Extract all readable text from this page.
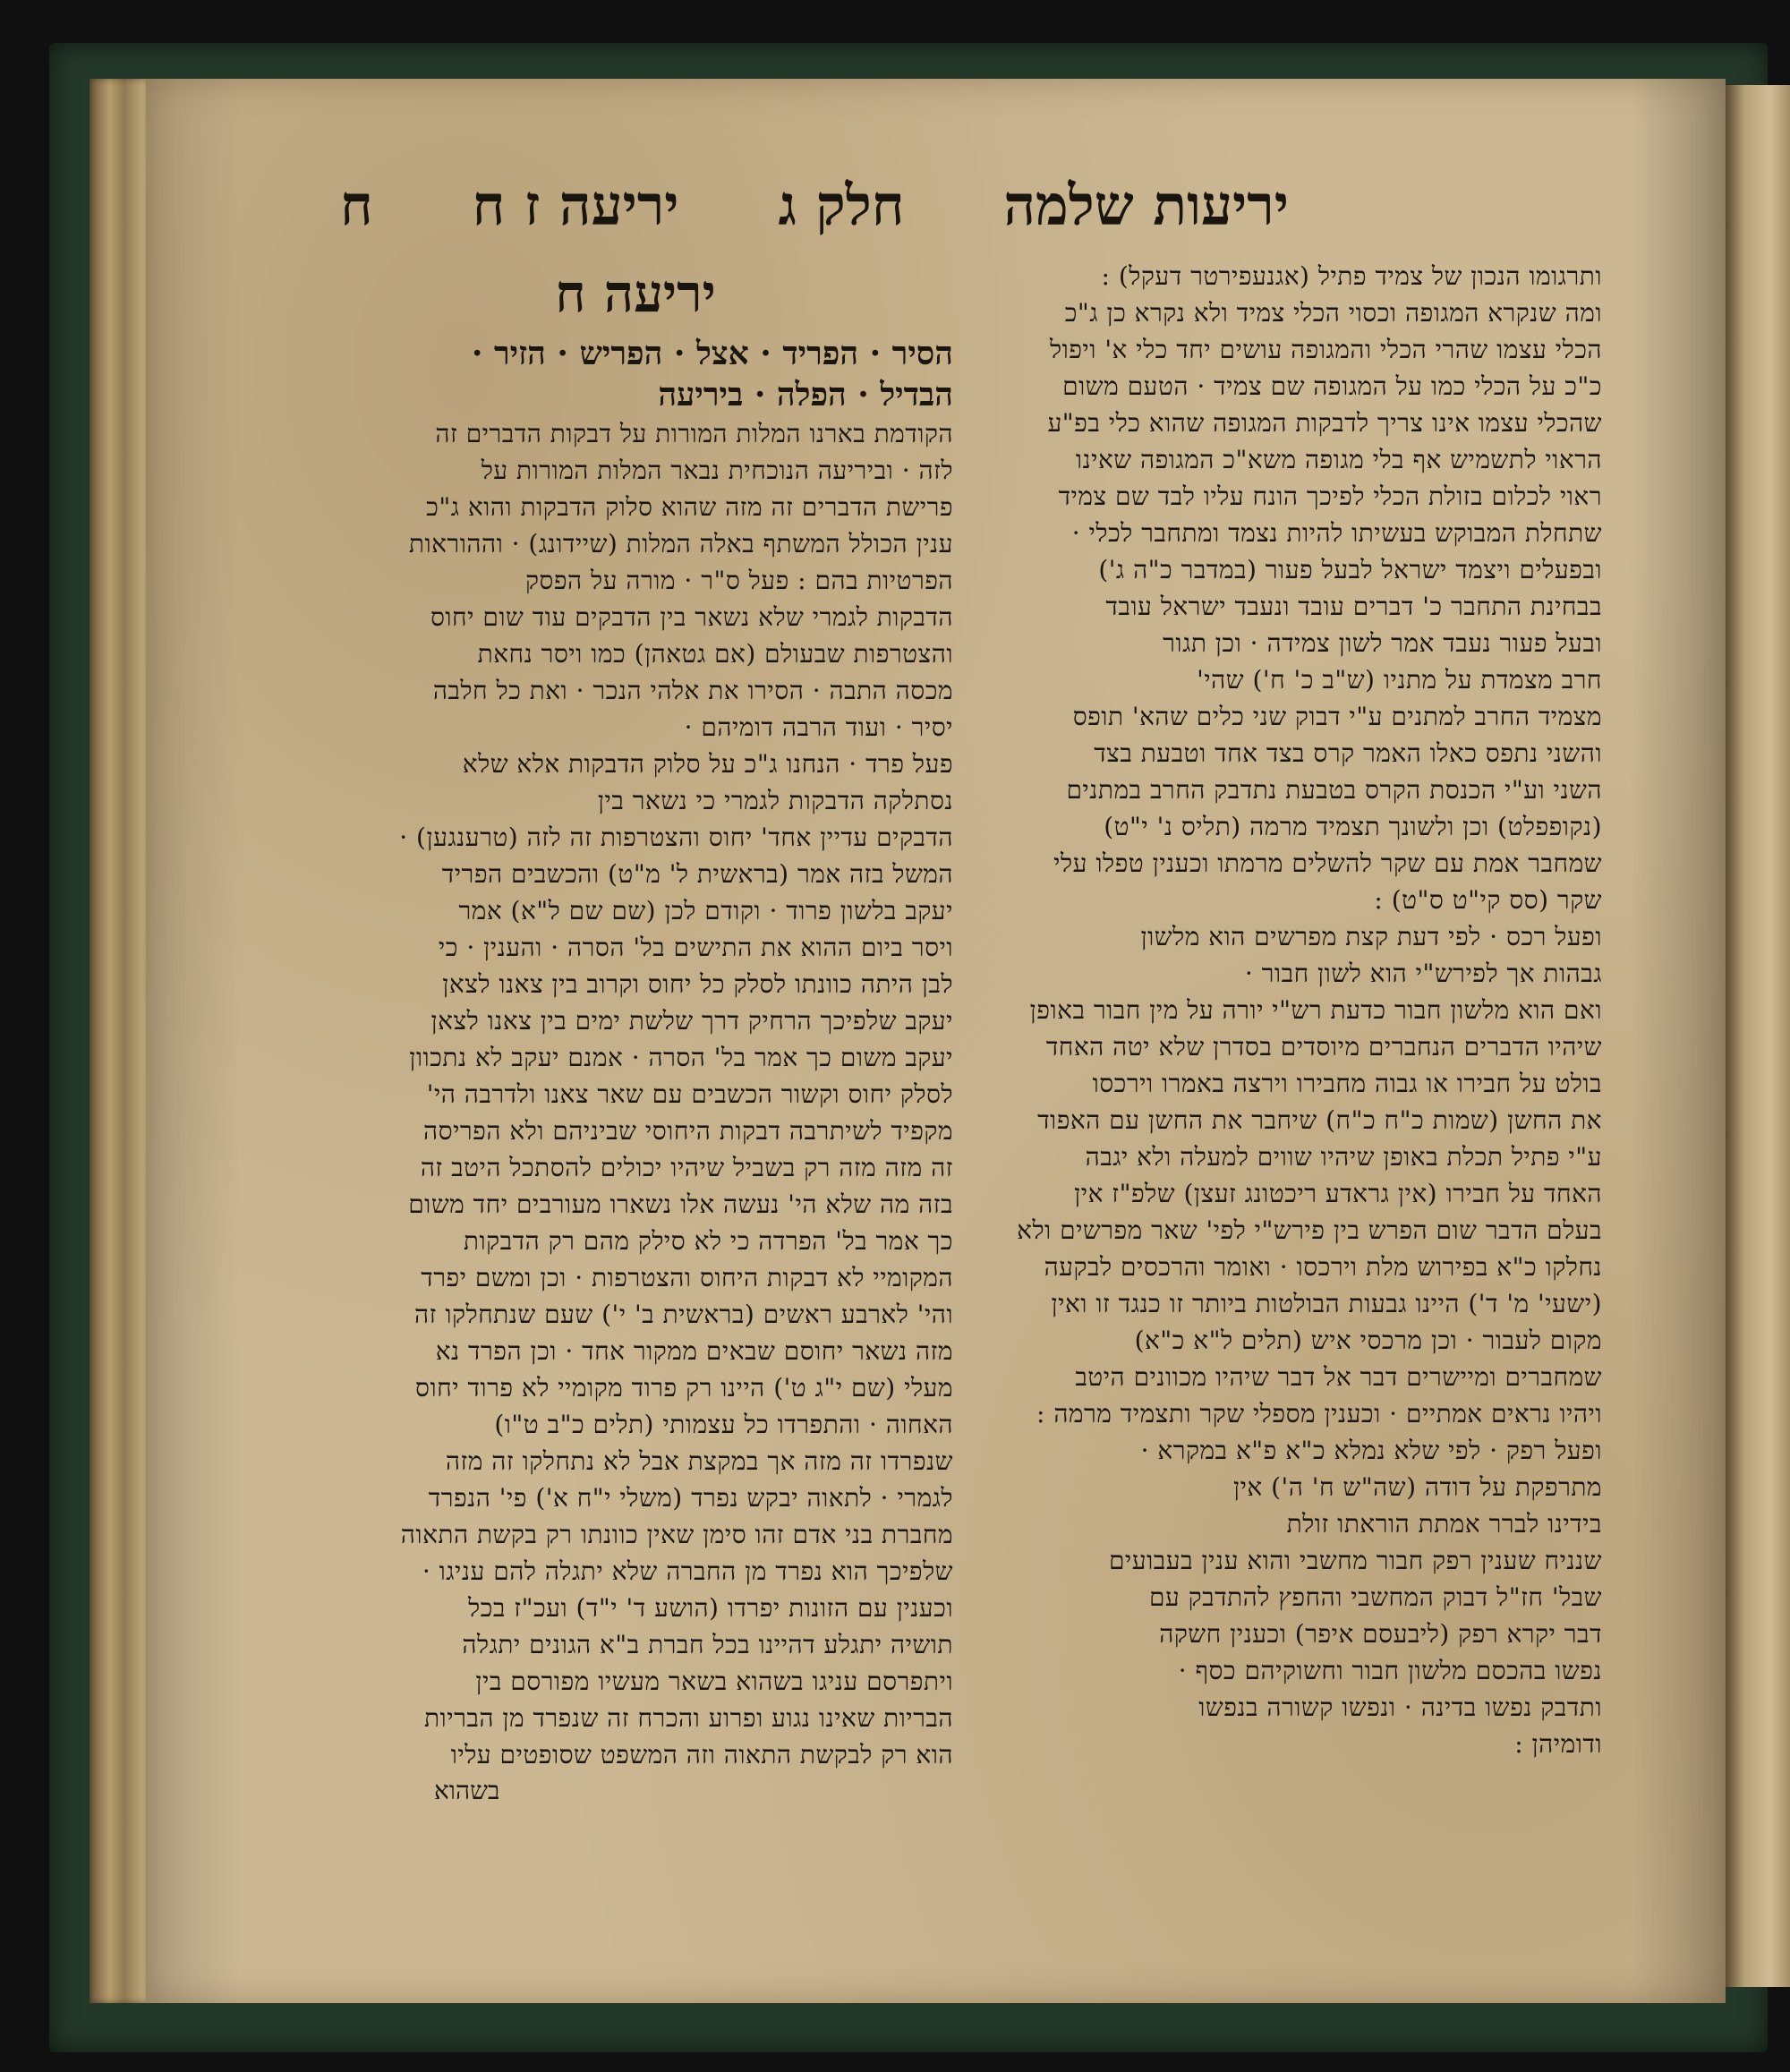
יריעות שלמה
חלק ג
יריעה ז ח
ח
ותרגומו הנכון של צמיד פתיל (אגנעפירטר דעקל) :
ומה שנקרא המגופה וכסוי הכלי צמיד ולא נקרא כן ג"כ
הכלי עצמו שהרי הכלי והמגופה עושים יחד כלי א' ויפול
כ"כ על הכלי כמו על המגופה שם צמיד · הטעם משום
שהכלי עצמו אינו צריך לדבקות המגופה שהוא כלי בפ"ע
הראוי לתשמיש אף בלי מגופה משא"כ המגופה שאינו
ראוי לכלום בזולת הכלי לפיכך הונח עליו לבד שם צמיד
שתחלת המבוקש בעשיתו להיות נצמד ומתחבר לכלי ·
ובפעלים ויצמד ישראל לבעל פעור (במדבר כ"ה ג')
בבחינת התחבר כ' דברים עובד ונעבד ישראל עובד
ובעל פעור נעבד אמר לשון צמידה · וכן תגור
חרב מצמדת על מתניו (ש"ב כ' ח') שהי'
מצמיד החרב למתנים ע"י דבוק שני כלים שהא' תופס
והשני נתפס כאלו האמר קרס בצד אחד וטבעת בצד
השני וע"י הכנסת הקרס בטבעת נתדבק החרב במתנים
(נקופפלט) וכן ולשונך תצמיד מרמה (תליס נ' י"ט)
שמחבר אמת עם שקר להשלים מרמתו וכענין טפלו עלי
שקר (סס קי"ט ס"ט) :
ופעל רכס · לפי דעת קצת מפרשים הוא מלשון
גבהות אך לפירש"י הוא לשון חבור ·
ואם הוא מלשון חבור כדעת רש"י יורה על מין חבור באופן
שיהיו הדברים הנחברים מיוסדים בסדרן שלא יטה האחד
בולט על חבירו או גבוה מחבירו וירצה באמרו וירכסו
את החשן (שמות כ"ח כ"ח) שיחבר את החשן עם האפוד
ע"י פתיל תכלת באופן שיהיו שווים למעלה ולא יגבה
האחד על חבירו (אין גראדע ריכטונג זעצן) שלפ"ז אין
בעלם הדבר שום הפרש בין פירש"י לפי' שאר מפרשים ולא
נחלקו כ"א בפירוש מלת וירכסו · ואומר והרכסים לבקעה
(ישעי' מ' ד') היינו גבעות הבולטות ביותר זו כנגד זו ואין
מקום לעבור · וכן מרכסי איש (תלים ל"א כ"א)
שמחברים ומיישרים דבר אל דבר שיהיו מכוונים היטב
ויהיו נראים אמתיים · וכענין מספלי שקר ותצמיד מרמה :
ופעל רפק · לפי שלא נמלא כ"א פ"א במקרא ·
מתרפקת על דודה (שה"ש ח' ה') אין
בידינו לברר אמתת הוראתו זולת
שנניח שענין רפק חבור מחשבי והוא ענין בעבועים
שבל' חז"ל דבוק המחשבי והחפץ להתדבק עם
דבר יקרא רפק (ליבעסם איפר) וכענין חשקה
נפשו בהכסם מלשון חבור וחשוקיהם כסף ·
ותדבק נפשו בדינה · ונפשו קשורה בנפשו
ודומיהן :
יריעה ח
הסיר · הפריד · אצל · הפריש · הזיר ·
הבדיל · הפלה · ביריעה
הקודמת בארנו המלות המורות על דבקות הדברים זה
לזה · וביריעה הנוכחית נבאר המלות המורות על
פרישת הדברים זה מזה שהוא סלוק הדבקות והוא ג"כ
ענין הכולל המשתף באלה המלות (שיידונג) · וההוראות
הפרטיות בהם : פעל ס"ר · מורה על הפסק
הדבקות לגמרי שלא נשאר בין הדבקים עוד שום יחוס
והצטרפות שבעולם (אם גטאהן) כמו ויסר נחאת
מכסה התבה · הסירו את אלהי הנכר · ואת כל חלבה
יסיר · ועוד הרבה דומיהם ·
פעל פרד · הנחנו ג"כ על סלוק הדבקות אלא שלא
נסתלקה הדבקות לגמרי כי נשאר בין
הדבקים עדיין אחד' יחוס והצטרפות זה לזה (טרענגען) ·
המשל בזה אמר (בראשית ל' מ"ט) והכשבים הפריד
יעקב בלשון פרוד · וקודם לכן (שם שם ל"א) אמר
ויסר ביום ההוא את התישים בל' הסרה · והענין · כי
לבן היתה כוונתו לסלק כל יחוס וקרוב בין צאנו לצאן
יעקב שלפיכך הרחיק דרך שלשת ימים בין צאנו לצאן
יעקב משום כך אמר בל' הסרה · אמנם יעקב לא נתכוון
לסלק יחוס וקשור הכשבים עם שאר צאנו ולדרבה הי'
מקפיד לשיתרבה דבקות היחוסי שביניהם ולא הפריסה
זה מזה מזה רק בשביל שיהיו יכולים להסתכל היטב זה
בזה מה שלא הי' נעשה אלו נשארו מעורבים יחד משום
כך אמר בל' הפרדה כי לא סילק מהם רק הדבקות
המקומיי לא דבקות היחוס והצטרפות · וכן ומשם יפרד
והי' לארבע ראשים (בראשית ב' י') שעם שנתחלקו זה
מזה נשאר יחוסם שבאים ממקור אחד · וכן הפרד נא
מעלי (שם י"ג ט') היינו רק פרוד מקומיי לא פרוד יחוס
האחוה · והתפרדו כל עצמותי (תלים כ"ב ט"ו)
שנפרדו זה מזה אך במקצת אבל לא נתחלקו זה מזה
לגמרי · לתאוה יבקש נפרד (משלי י"ח א') פי' הנפרד
מחברת בני אדם זהו סימן שאין כוונתו רק בקשת התאוה
שלפיכך הוא נפרד מן החברה שלא יתגלה להם עניגו ·
וכענין עם הזונות יפרדו (הושע ד' י"ד) ועכ"ז בכל
תושיה יתגלע דהיינו בכל חברת ב"א הגונים יתגלה
ויתפרסם עניגו בשהוא בשאר מעשיו מפורסם בין
הבריות שאינו נגוע ופרוע והכרח זה שנפרד מן הבריות
הוא רק לבקשת התאוה וזה המשפט שסופטים עליו
בשהוא
